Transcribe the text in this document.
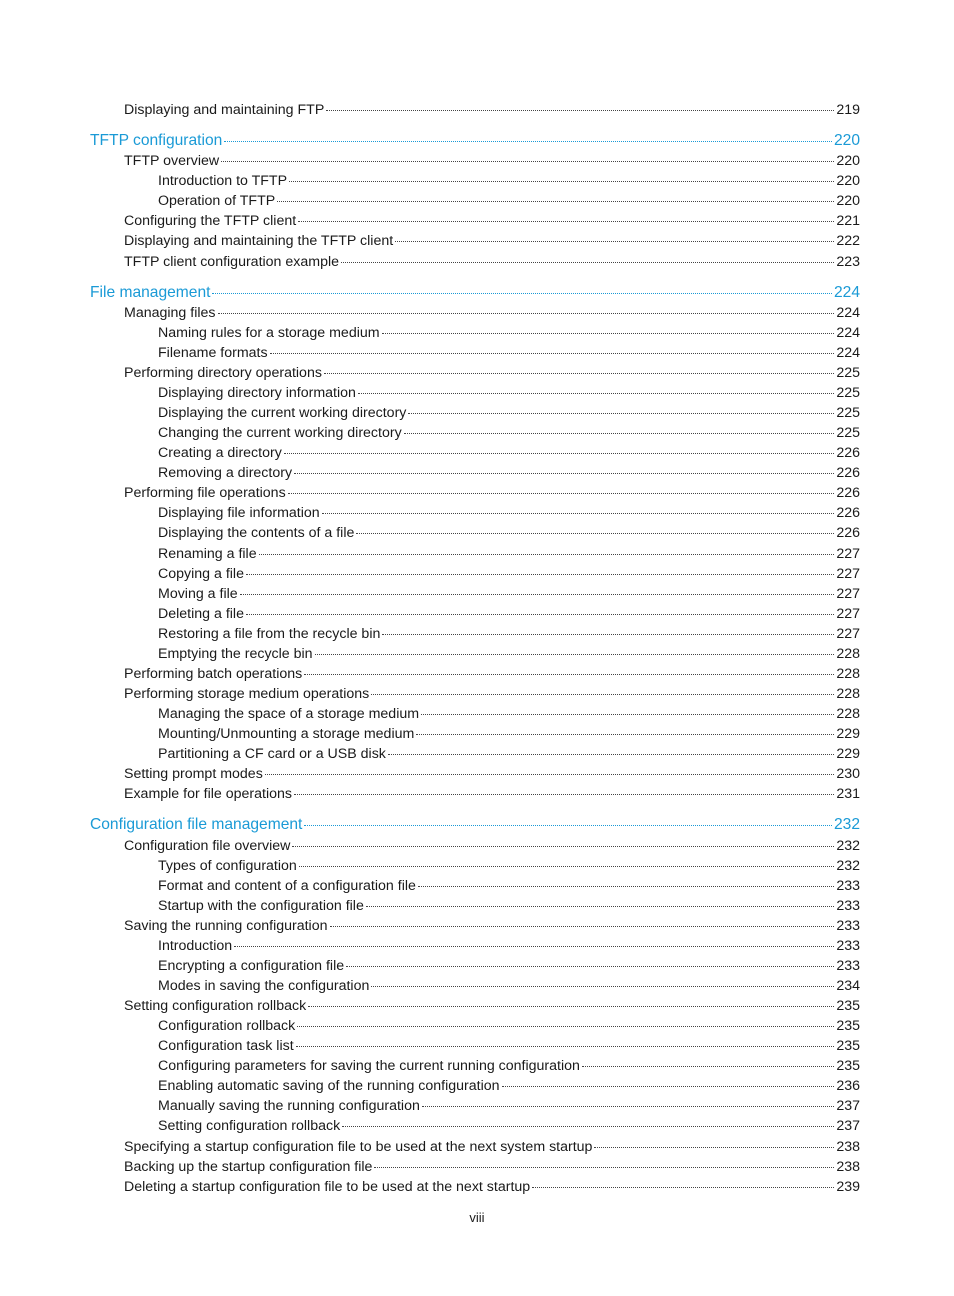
Displaying and maintaining FTP	219
TFTP configuration	220
TFTP overview	220
Introduction to TFTP	220
Operation of TFTP	220
Configuring the TFTP client	221
Displaying and maintaining the TFTP client	222
TFTP client configuration example	223
File management	224
Managing files	224
Naming rules for a storage medium	224
Filename formats	224
Performing directory operations	225
Displaying directory information	225
Displaying the current working directory	225
Changing the current working directory	225
Creating a directory	226
Removing a directory	226
Performing file operations	226
Displaying file information	226
Displaying the contents of a file	226
Renaming a file	227
Copying a file	227
Moving a file	227
Deleting a file	227
Restoring a file from the recycle bin	227
Emptying the recycle bin	228
Performing batch operations	228
Performing storage medium operations	228
Managing the space of a storage medium	228
Mounting/Unmounting a storage medium	229
Partitioning a CF card or a USB disk	229
Setting prompt modes	230
Example for file operations	231
Configuration file management	232
Configuration file overview	232
Types of configuration	232
Format and content of a configuration file	233
Startup with the configuration file	233
Saving the running configuration	233
Introduction	233
Encrypting a configuration file	233
Modes in saving the configuration	234
Setting configuration rollback	235
Configuration rollback	235
Configuration task list	235
Configuring parameters for saving the current running configuration	235
Enabling automatic saving of the running configuration	236
Manually saving the running configuration	237
Setting configuration rollback	237
Specifying a startup configuration file to be used at the next system startup	238
Backing up the startup configuration file	238
Deleting a startup configuration file to be used at the next startup	239
viii
